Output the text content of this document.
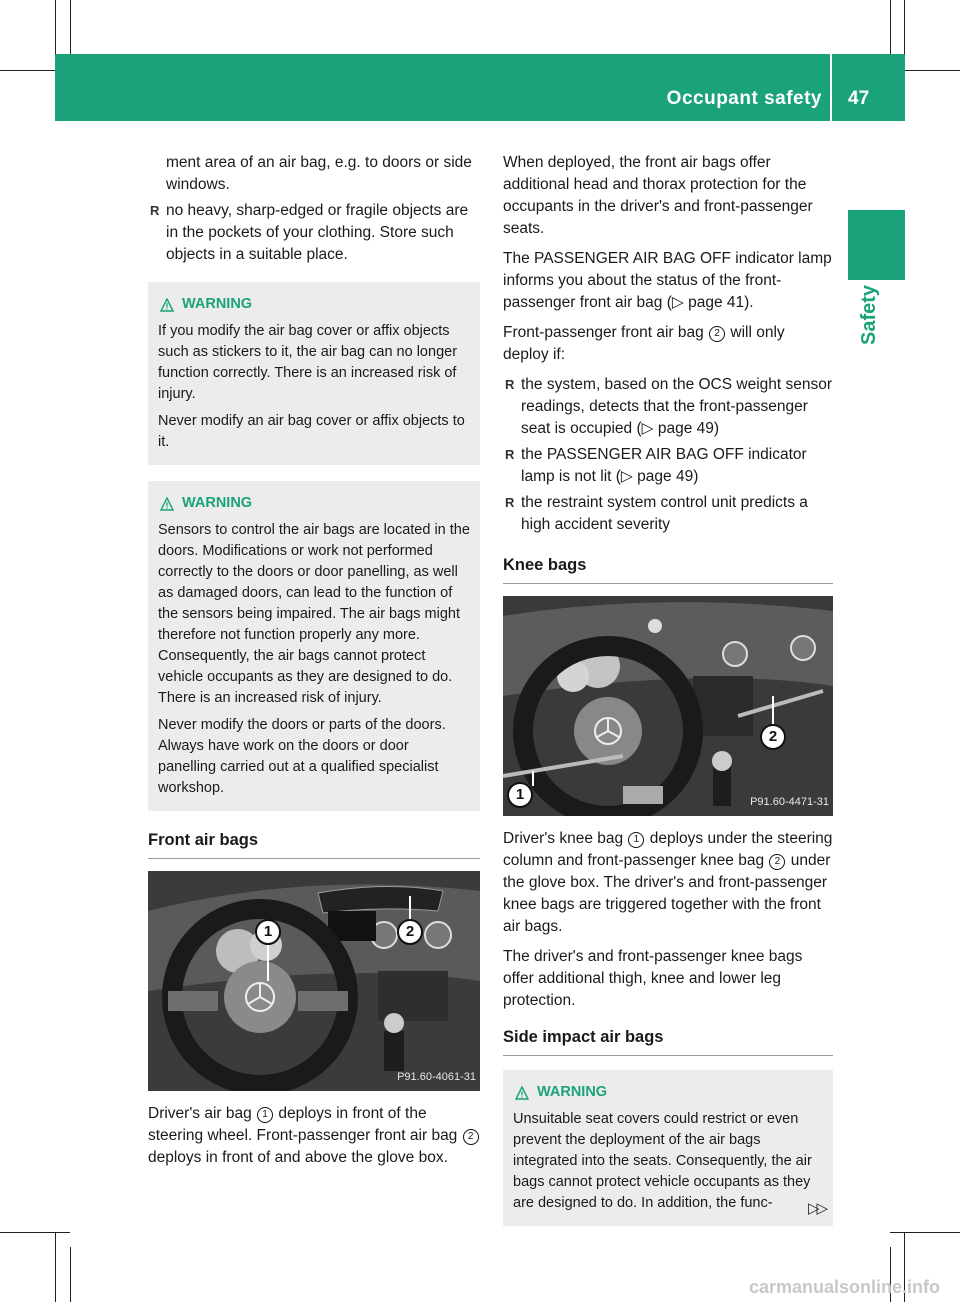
Occupant safety 47
Safety

ment area of an air bag, e.g. to doors or side windows.

R no heavy, sharp-edged or fragile objects are in the pockets of your clothing. Store such objects in a suitable place.

WARNING

If you modify the air bag cover or affix objects such as stickers to it, the air bag can no longer function correctly. There is an increased risk of injury.

Never modify an air bag cover or affix objects to it.

WARNING

Sensors to control the air bags are located in the doors. Modifications or work not performed correctly to the doors or door panelling, as well as damaged doors, can lead to the function of the sensors being impaired. The air bags might therefore not function properly any more. Consequently, the air bags cannot protect vehicle occupants as they are designed to do. There is an increased risk of injury.

Never modify the doors or parts of the doors. Always have work on the doors or door panelling carried out at a qualified specialist workshop.

Front air bags
1	2
P91.60-4061-31

Driver's air bag 1 deploys in front of the steering wheel. Front-passenger front air bag 2 deploys in front of and above the glove box.

When deployed, the front air bags offer additional head and thorax protection for the occupants in the driver's and front-passenger seats.

The PASSENGER AIR BAG OFF indicator lamp informs you about the status of the front-passenger front air bag (▷ page 41).

Front-passenger front air bag 2 will only deploy if:

R the system, based on the OCS weight sensor readings, detects that the front-passenger seat is occupied (▷ page 49)

R the PASSENGER AIR BAG OFF indicator lamp is not lit (▷ page 49)

R the restraint system control unit predicts a high accident severity

Knee bags
1
2
P91.60-4471-31

Driver's knee bag 1 deploys under the steering column and front-passenger knee bag 2 under the glove box. The driver's and front-passenger knee bags are triggered together with the front air bags.

The driver's and front-passenger knee bags offer additional thigh, knee and lower leg protection.

Side impact air bags
WARNING

Unsuitable seat covers could restrict or even prevent the deployment of the air bags integrated into the seats. Consequently, the air bags cannot protect vehicle occupants as they are designed to do. In addition, the func-	▷▷
carmanualsonline.info
